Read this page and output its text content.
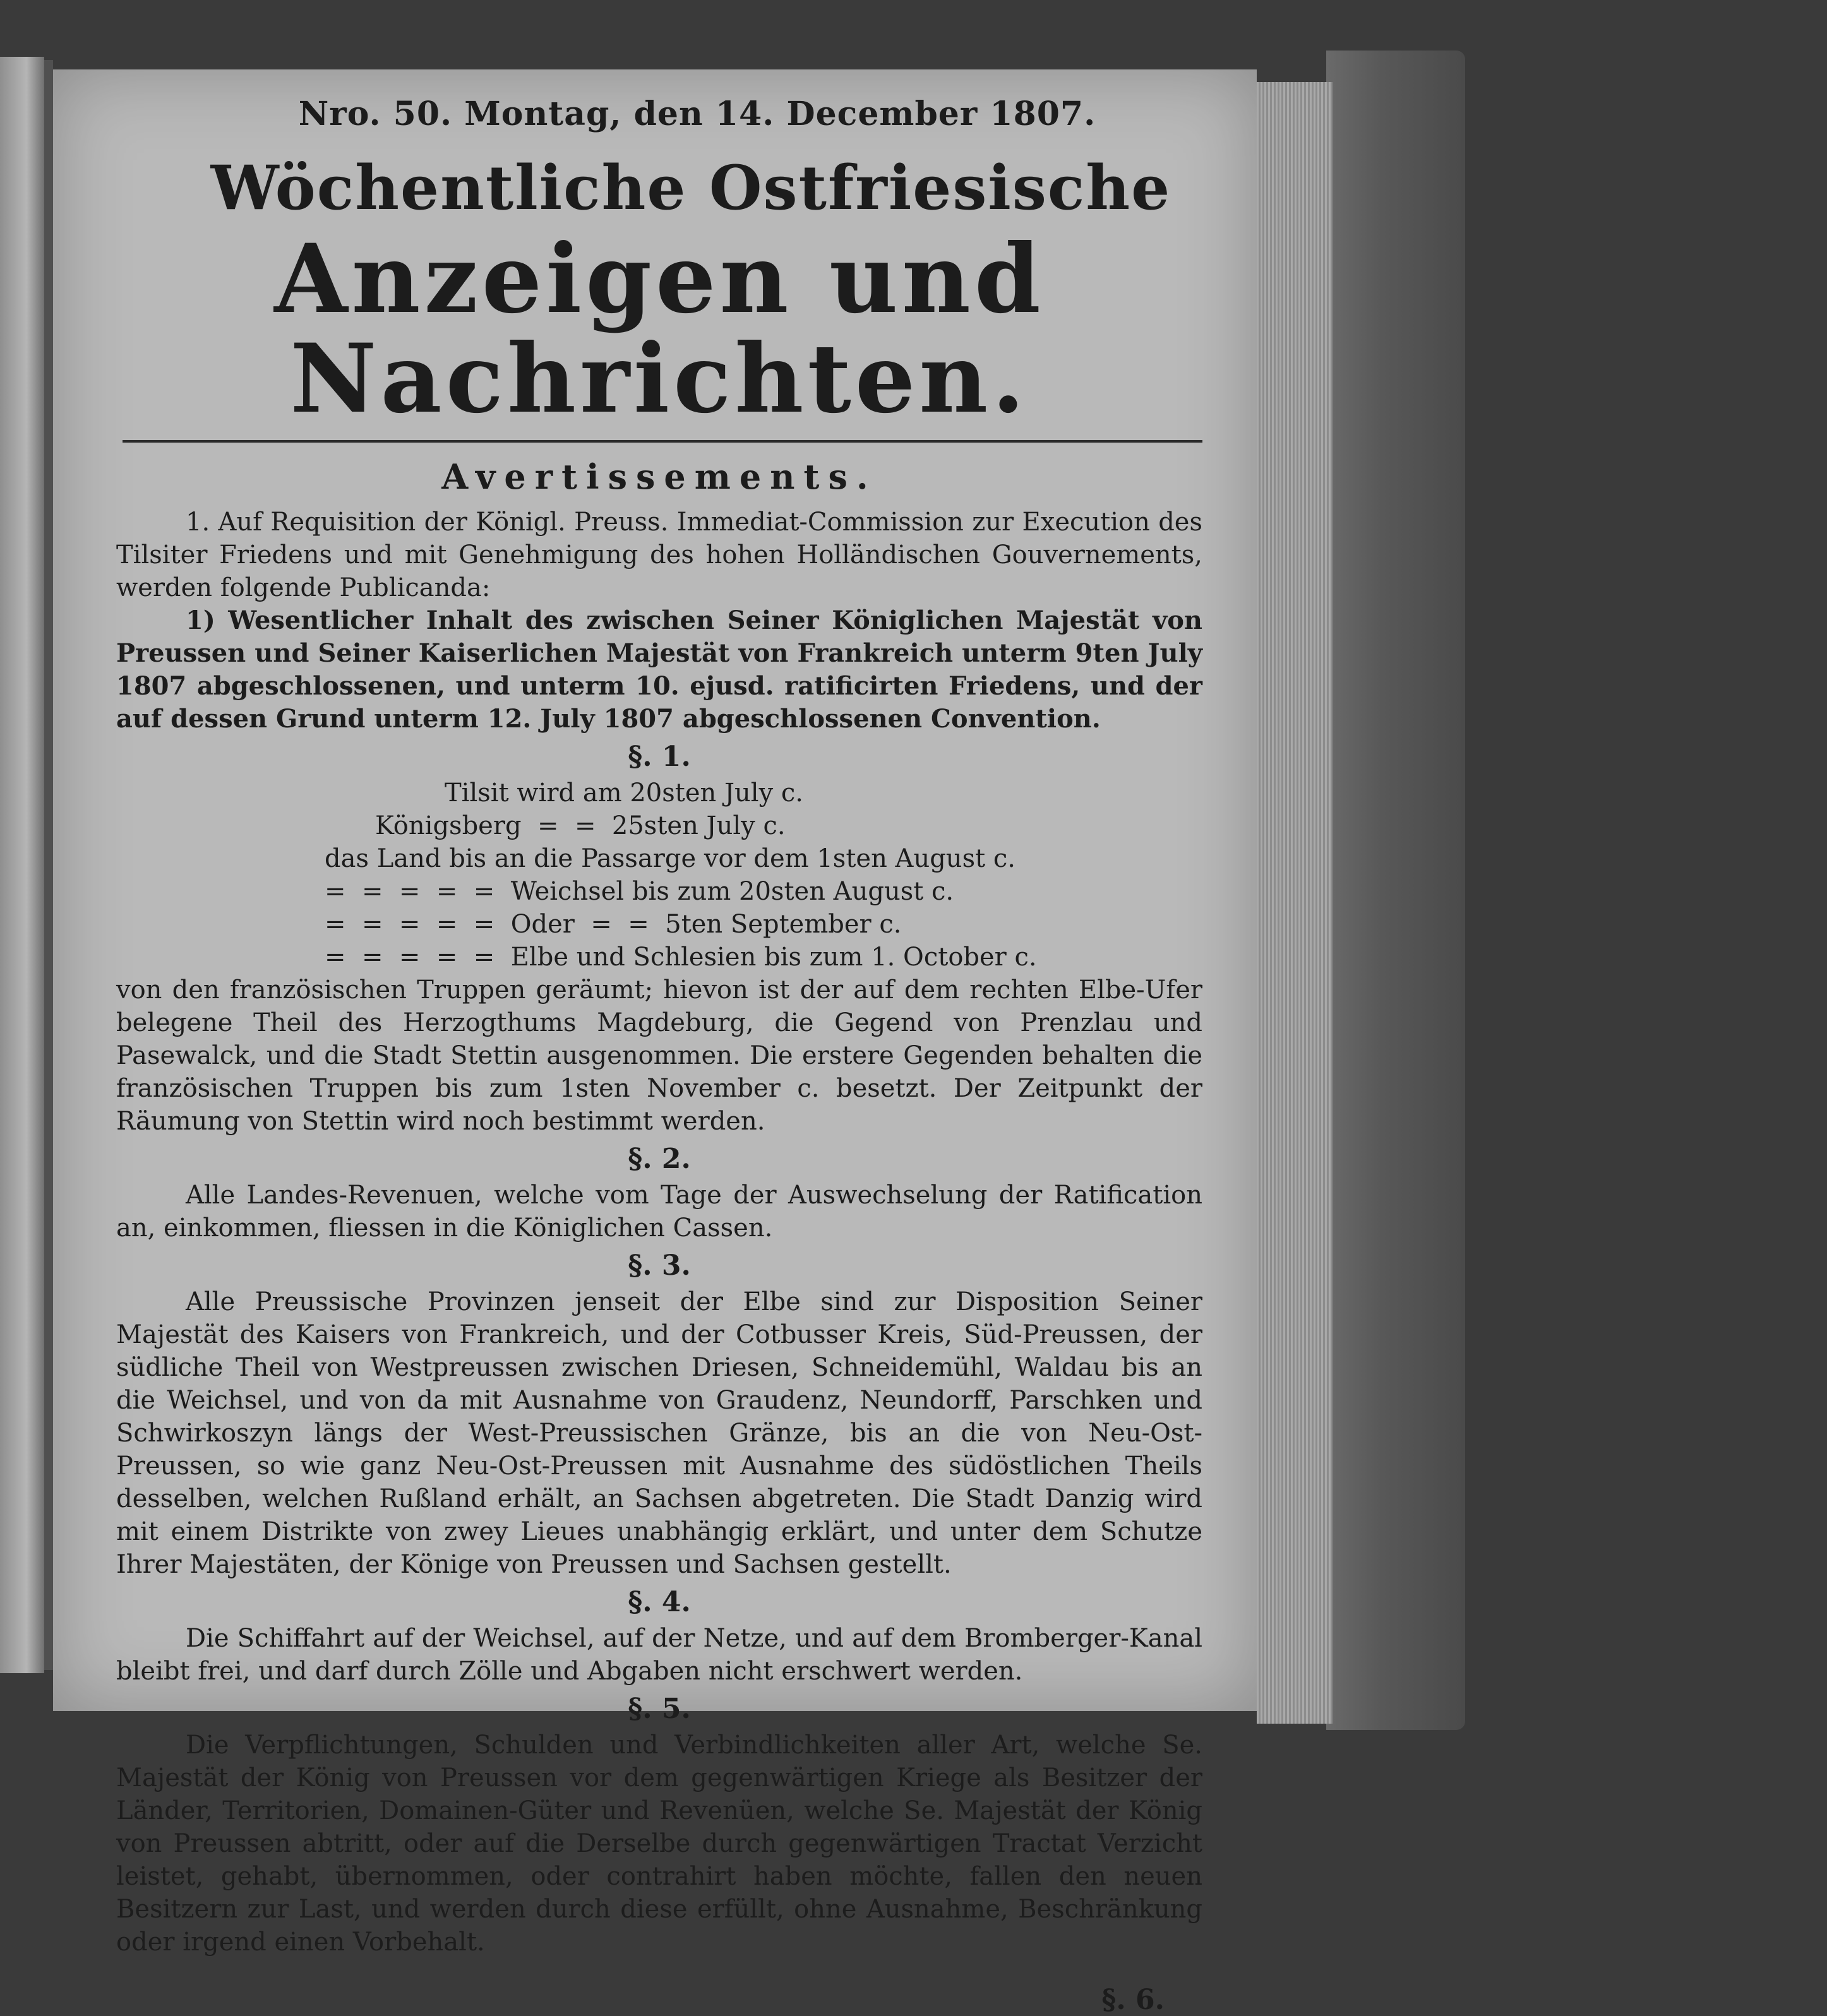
Nro. 50. Montag, den 14. December 1807.
Wöchentliche Ostfriesische
Anzeigen und Nachrichten.
Avertissements.

1. Auf Requisition der Königl. Preuss. Immediat-Commission zur Execution des Tilsiter Friedens und mit Genehmigung des hohen Holländischen Gouvernements, werden folgende Publicanda:

1) Wesentlicher Inhalt des zwischen Seiner Königlichen Majestät von Preussen und Seiner Kaiserlichen Majestät von Frankreich unterm 9ten July 1807 abgeschlossenen, und unterm 10. ejusd. ratificirten Friedens, und der auf dessen Grund unterm 12. July 1807 abgeschlossenen Convention.

§. 1.
Tilsit wird am 20sten July c.
Königsberg  =  =  25sten July c.
das Land bis an die Passarge vor dem 1sten August c.
=  =  =  =  =  Weichsel bis zum 20sten August c.
=  =  =  =  =  Oder  =  =  5ten September c.
=  =  =  =  =  Elbe und Schlesien bis zum 1. October c.

von den französischen Truppen geräumt; hievon ist der auf dem rechten Elbe-Ufer belegene Theil des Herzogthums Magdeburg, die Gegend von Prenzlau und Pasewalck, und die Stadt Stettin ausgenommen. Die erstere Gegenden behalten die französischen Truppen bis zum 1sten November c. besetzt. Der Zeitpunkt der Räumung von Stettin wird noch bestimmt werden.

§. 2.

Alle Landes-Revenuen, welche vom Tage der Auswechselung der Ratification an, einkommen, fliessen in die Königlichen Cassen.

§. 3.

Alle Preussische Provinzen jenseit der Elbe sind zur Disposition Seiner Majestät des Kaisers von Frankreich, und der Cotbusser Kreis, Süd-Preussen, der südliche Theil von Westpreussen zwischen Driesen, Schneidemühl, Waldau bis an die Weichsel, und von da mit Ausnahme von Graudenz, Neundorff, Parschken und Schwirkoszyn längs der West-Preussischen Gränze, bis an die von Neu-Ost-Preussen, so wie ganz Neu-Ost-Preussen mit Ausnahme des südöstlichen Theils desselben, welchen Rußland erhält, an Sachsen abgetreten. Die Stadt Danzig wird mit einem Distrikte von zwey Lieues unabhängig erklärt, und unter dem Schutze Ihrer Majestäten, der Könige von Preussen und Sachsen gestellt.

§. 4.

Die Schiffahrt auf der Weichsel, auf der Netze, und auf dem Bromberger-Kanal bleibt frei, und darf durch Zölle und Abgaben nicht erschwert werden.

§. 5.

Die Verpflichtungen, Schulden und Verbindlichkeiten aller Art, welche Se. Majestät der König von Preussen vor dem gegenwärtigen Kriege als Besitzer der Länder, Territorien, Domainen-Güter und Revenüen, welche Se. Majestät der König von Preussen abtritt, oder auf die Derselbe durch gegenwärtigen Tractat Verzicht leistet, gehabt, übernommen, oder contrahirt haben möchte, fallen den neuen Besitzern zur Last, und werden durch diese erfüllt, ohne Ausnahme, Beschränkung oder irgend einen Vorbehalt.

§. 6.
